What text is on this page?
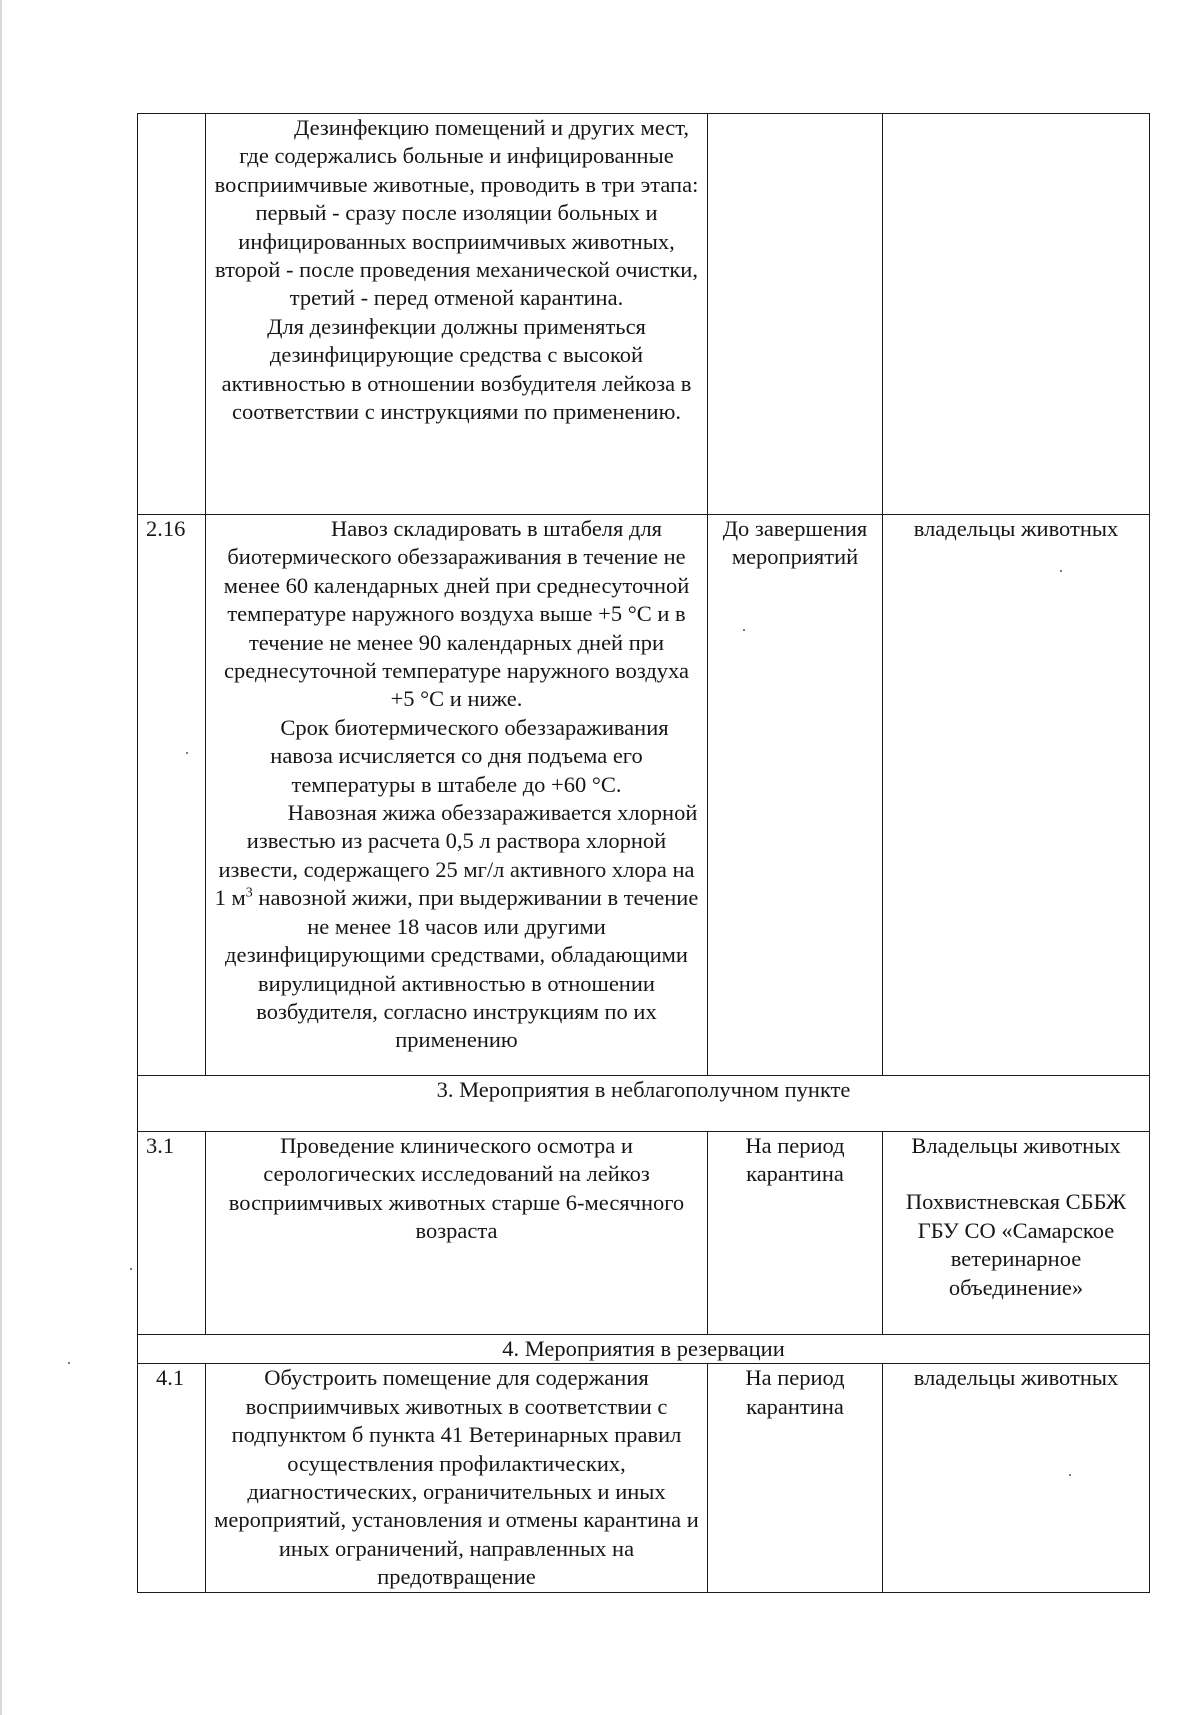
	Дезинфекцию помещений и других мест, где содержались больные и инфицированные восприимчивые животные, проводить в три этапа: первый - сразу после изоляции больных и инфицированных восприимчивых животных, второй - после проведения механической очистки, третий - перед отменой карантина.
Для дезинфекции должны применяться дезинфицирующие средства с высокой активностью в отношении возбудителя лейкоза в соответствии с инструкциями по применению.		

2.16	Навоз складировать в штабеля для биотермического обеззараживания в течение не менее 60 календарных дней при среднесуточной температуре наружного воздуха выше +5 °С и в течение не менее 90 календарных дней при среднесуточной температуре наружного воздуха +5 °С и ниже.
Срок биотермического обеззараживания навоза исчисляется со дня подъема его температуры в штабеле до +60 °С.
Навозная жижа обеззараживается хлорной известью из расчета 0,5 л раствора хлорной извести, содержащего 25 мг/л активного хлора на 1 $м^3$ навозной жижи, при выдерживании в течение не менее 18 часов или другими дезинфицирующими средствами, обладающими вирулицидной активностью в отношении возбудителя, согласно инструкциям по их применению	До завершения мероприятий	владельцы животных
3. Мероприятия в неблагополучном пункте			
3.1	Проведение клинического осмотра и серологических исследований на лейкоз восприимчивых животных старше 6-месячного возраста	На период карантина	Владельцы животных
Похвистневская СББЖ ГБУ СО «Самарское ветеринарное объединение»

4. Мероприятия в резервации			
4.1	Обустроить помещение для содержания восприимчивых животных в соответствии с подпунктом б пункта 41 Ветеринарных правил осуществления профилактических, диагностических, ограничительных и иных мероприятий, установления и отмены карантина и иных ограничений, направленных на предотвращение	На период карантина	владельцы животных
